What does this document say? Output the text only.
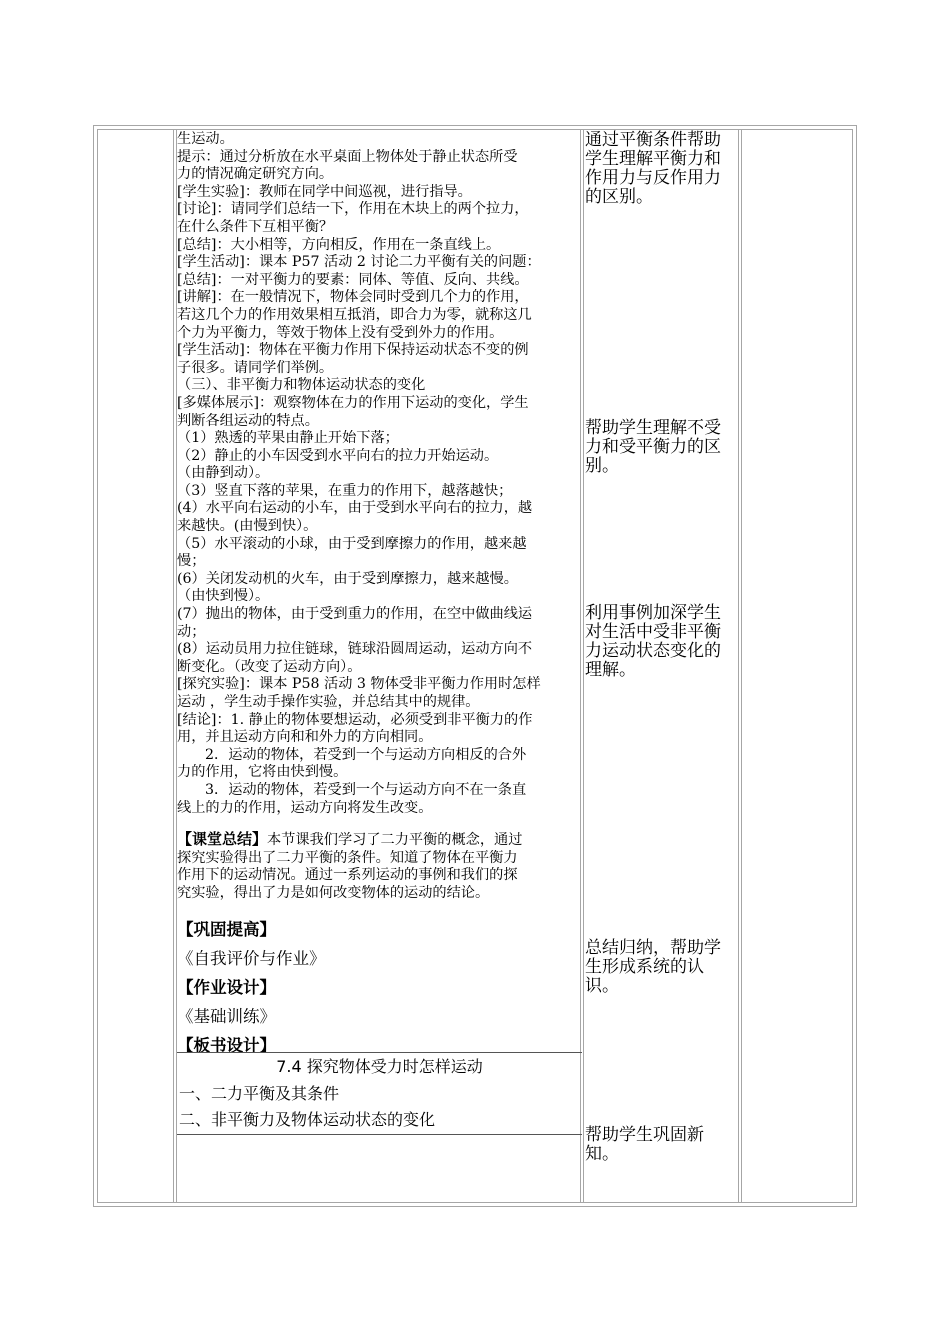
生运动。
提示：通过分析放在水平桌面上物体处于静止状态所受
力的情况确定研究方向。
[学生实验]：教师在同学中间巡视，进行指导。
[讨论]：请同学们总结一下，作用在木块上的两个拉力，
在什么条件下互相平衡？
[总结]：大小相等，方向相反，作用在一条直线上。
[学生活动]：课本 P57 活动 2 讨论二力平衡有关的问题：
[总结]：一对平衡力的要素：同体、等值、反向、共线。
[讲解]：在一般情况下，物体会同时受到几个力的作用，
若这几个力的作用效果相互抵消，即合力为零，就称这几
个力为平衡力，等效于物体上没有受到外力的作用。
[学生活动]：物体在平衡力作用下保持运动状态不变的例
子很多。请同学们举例。
（三）、非平衡力和物体运动状态的变化
[多媒体展示]：观察物体在力的作用下运动的变化，学生
判断各组运动的特点。
（1）熟透的苹果由静止开始下落；
（2）静止的小车因受到水平向右的拉力开始运动。
（由静到动）。
（3）竖直下落的苹果，在重力的作用下，越落越快；
(4）水平向右运动的小车，由于受到水平向右的拉力，越
来越快。(由慢到快）。
（5）水平滚动的小球，由于受到摩擦力的作用，越来越
慢；
(6）关闭发动机的火车，由于受到摩擦力，越来越慢。
（由快到慢）。
(7）抛出的物体，由于受到重力的作用，在空中做曲线运
动；
(8）运动员用力拉住链球，链球沿圆周运动，运动方向不
断变化。（改变了运动方向）。
[探究实验]：课本 P58 活动 3 物体受非平衡力作用时怎样
运动 ，学生动手操作实验，并总结其中的规律。
[结论]：1. 静止的物体要想运动，必须受到非平衡力的作
用，并且运动方向和和外力的方向相同。
2．运动的物体，若受到一个与运动方向相反的合外
力的作用，它将由快到慢。
3．运动的物体，若受到一个与运动方向不在一条直
线上的力的作用，运动方向将发生改变。
【课堂总结】本节课我们学习了二力平衡的概念，通过
探究实验得出了二力平衡的条件。知道了物体在平衡力
作用下的运动情况。通过一系列运动的事例和我们的探
究实验，得出了力是如何改变物体的运动的结论。
【巩固提高】
《自我评价与作业》
【作业设计】
《基础训练》
【板书设计】
7.4 探究物体受力时怎样运动
一、二力平衡及其条件
二、非平衡力及物体运动状态的变化
通过平衡条件帮助
学生理解平衡力和
作用力与反作用力
的区别。
帮助学生理解不受
力和受平衡力的区
别。
利用事例加深学生
对生活中受非平衡
力运动状态变化的
理解。
总结归纳，帮助学
生形成系统的认
识。
帮助学生巩固新
知。
